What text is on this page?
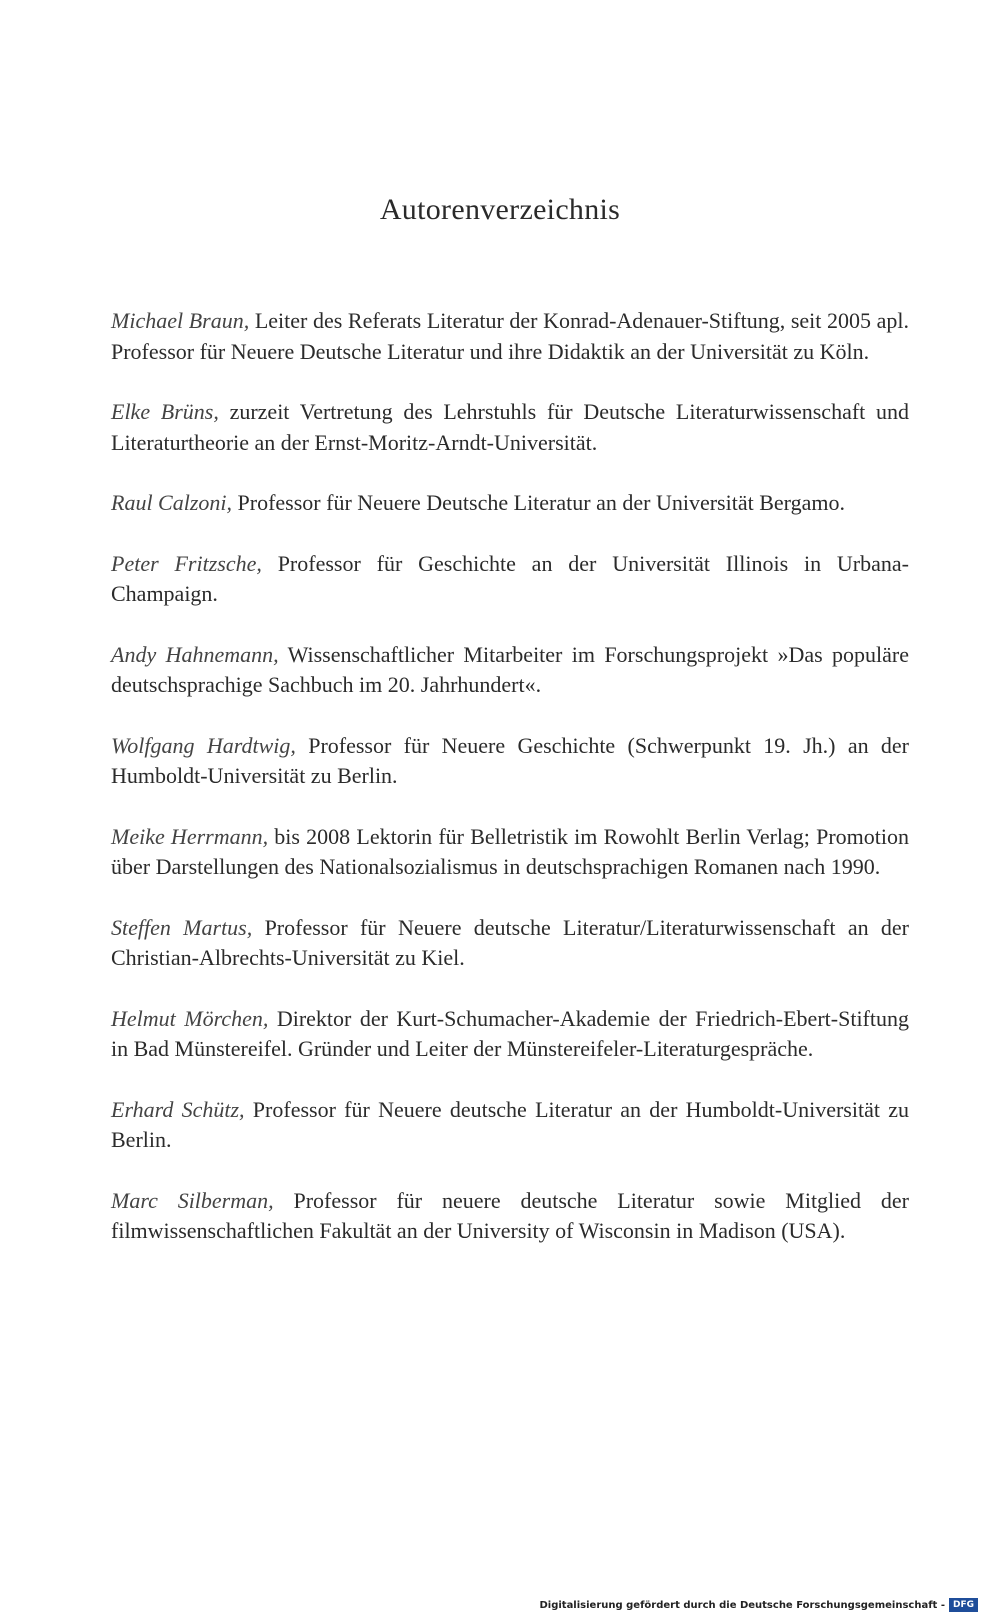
Autorenverzeichnis

Michael Braun, Leiter des Referats Literatur der Konrad-Adenauer-Stiftung, seit 2005 apl. Professor für Neuere Deutsche Literatur und ihre Didaktik an der Universität zu Köln.

Elke Brüns, zurzeit Vertretung des Lehrstuhls für Deutsche Literaturwissenschaft und Literaturtheorie an der Ernst-Moritz-Arndt-Universität.

Raul Calzoni, Professor für Neuere Deutsche Literatur an der Universität Bergamo.

Peter Fritzsche, Professor für Geschichte an der Universität Illinois in Urbana-Champaign.

Andy Hahnemann, Wissenschaftlicher Mitarbeiter im Forschungsprojekt »Das populäre deutschsprachige Sachbuch im 20. Jahrhundert«.

Wolfgang Hardtwig, Professor für Neuere Geschichte (Schwerpunkt 19. Jh.) an der Humboldt-Universität zu Berlin.

Meike Herrmann, bis 2008 Lektorin für Belletristik im Rowohlt Berlin Verlag; Promotion über Darstellungen des Nationalsozialismus in deutschsprachigen Romanen nach 1990.

Steffen Martus, Professor für Neuere deutsche Literatur/Literaturwissenschaft an der Christian-Albrechts-Universität zu Kiel.

Helmut Mörchen, Direktor der Kurt-Schumacher-Akademie der Friedrich-Ebert-Stiftung in Bad Münstereifel. Gründer und Leiter der Münstereifeler-Literaturgespräche.

Erhard Schütz, Professor für Neuere deutsche Literatur an der Humboldt-Universität zu Berlin.

Marc Silberman, Professor für neuere deutsche Literatur sowie Mitglied der filmwissenschaftlichen Fakultät an der University of Wisconsin in Madison (USA).

Digitalisierung gefördert durch die Deutsche Forschungsgemeinschaft - DFG
